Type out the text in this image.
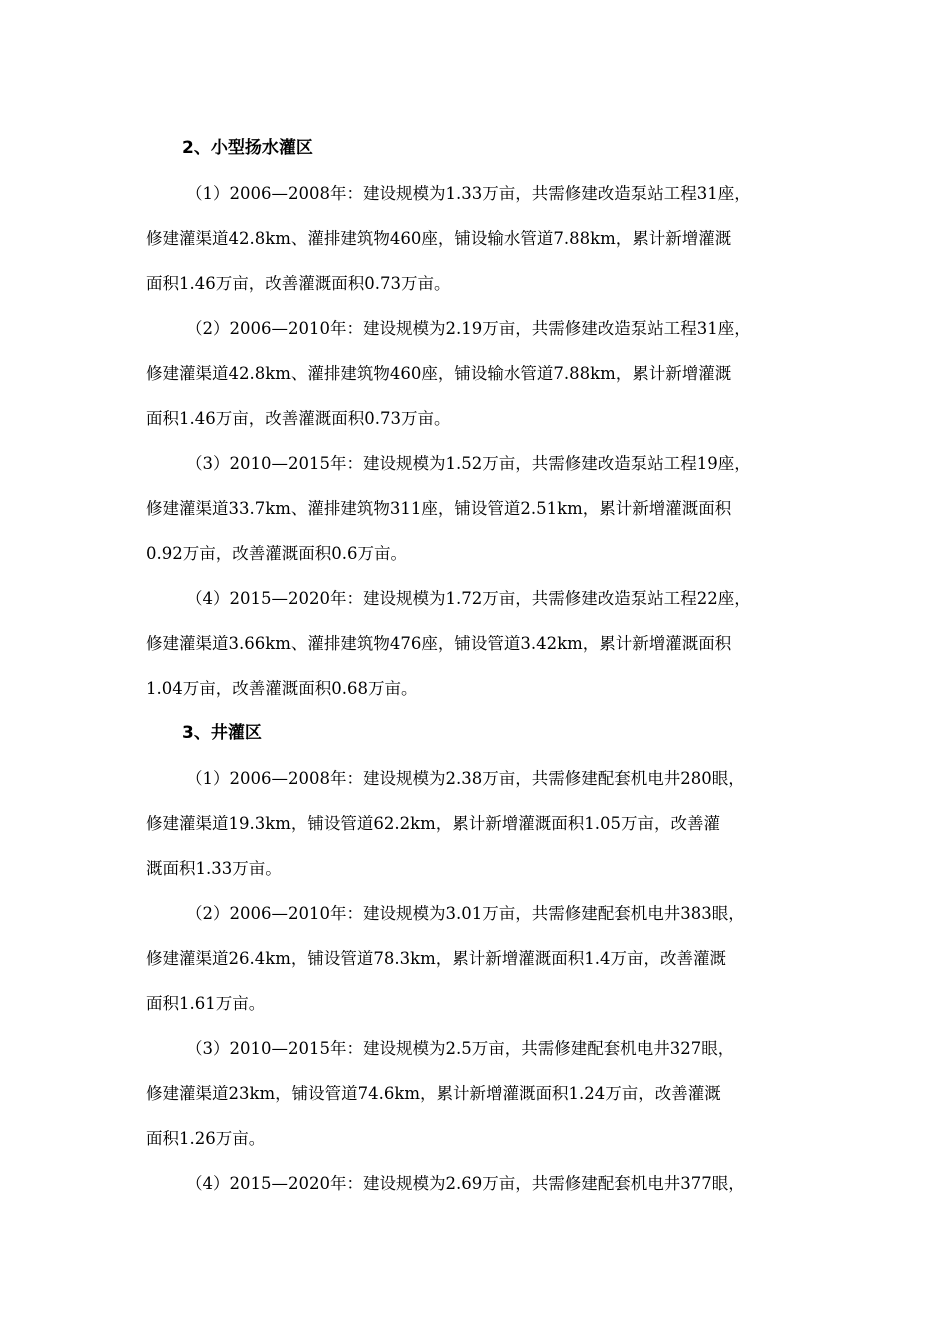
2、小型扬水灌区

（1）2006—2008年：建设规模为1.33万亩，共需修建改造泵站工程31座，
修建灌渠道42.8km、灌排建筑物460座，铺设输水管道7.88km，累计新增灌溉
面积1.46万亩，改善灌溉面积0.73万亩。

（2）2006—2010年：建设规模为2.19万亩，共需修建改造泵站工程31座，
修建灌渠道42.8km、灌排建筑物460座，铺设输水管道7.88km，累计新增灌溉
面积1.46万亩，改善灌溉面积0.73万亩。

（3）2010—2015年：建设规模为1.52万亩，共需修建改造泵站工程19座，
修建灌渠道33.7km、灌排建筑物311座，铺设管道2.51km，累计新增灌溉面积
0.92万亩，改善灌溉面积0.6万亩。

（4）2015—2020年：建设规模为1.72万亩，共需修建改造泵站工程22座，
修建灌渠道3.66km、灌排建筑物476座，铺设管道3.42km，累计新增灌溉面积
1.04万亩，改善灌溉面积0.68万亩。

3、井灌区

（1）2006—2008年：建设规模为2.38万亩，共需修建配套机电井280眼，
修建灌渠道19.3km，铺设管道62.2km，累计新增灌溉面积1.05万亩，改善灌
溉面积1.33万亩。

（2）2006—2010年：建设规模为3.01万亩，共需修建配套机电井383眼，
修建灌渠道26.4km，铺设管道78.3km，累计新增灌溉面积1.4万亩，改善灌溉
面积1.61万亩。

（3）2010—2015年：建设规模为2.5万亩，共需修建配套机电井327眼，
修建灌渠道23km，铺设管道74.6km，累计新增灌溉面积1.24万亩，改善灌溉
面积1.26万亩。

（4）2015—2020年：建设规模为2.69万亩，共需修建配套机电井377眼，
